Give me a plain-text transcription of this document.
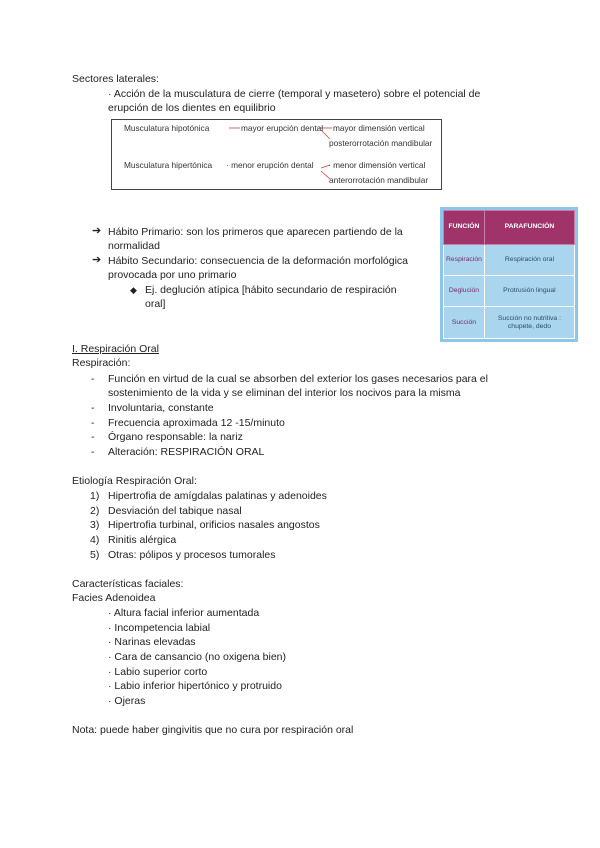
Sectores laterales:
· Acción de la musculatura de cierre (temporal y masetero) sobre el potencial de
erupción de los dientes en equilibrio
Musculatura hipotónica	mayor erupción dental mayor dimensión vertical
posterorrotación mandibular
Musculatura hipertónica · menor erupción dental · menor dimensión vertical
anterorrotación mandibular
➔ Hábito Primario: son los primeros que aparecen partiendo de la
normalidad
➔ Hábito Secundario: consecuencia de la deformación morfológica
provocada por uno primario
◆ Ej. deglución atípica [hábito secundario de respiración
oral]
FUNCIÓN	PARAFUNCIÓN
Respiración	Respiración oral
Deglución	Protrusión lingual
Succión	Succión no nutritiva : chupete, dedo
I. Respiración Oral
Respiración:
- Función en virtud de la cual se absorben del exterior los gases necesarios para el
sostenimiento de la vida y se eliminan del interior los nocivos para la misma
- Involuntaria, constante
- Frecuencia aproximada 12 -15/minuto
- Órgano responsable: la nariz
- Alteración: RESPIRACIÓN ORAL
Etiología Respiración Oral:
1) Hipertrofia de amígdalas palatinas y adenoides
2) Desviación del tabique nasal
3) Hipertrofia turbinal, orificios nasales angostos
4) Rinitis alérgica
5) Otras: pólipos y procesos tumorales
Características faciales:
Facies Adenoidea
· Altura facial inferior aumentada
· Incompetencia labial
· Narinas elevadas
· Cara de cansancio (no oxigena bien)
· Labio superior corto
· Labio inferior hipertónico y protruido
· Ojeras
Nota: puede haber gingivitis que no cura por respiración oral
